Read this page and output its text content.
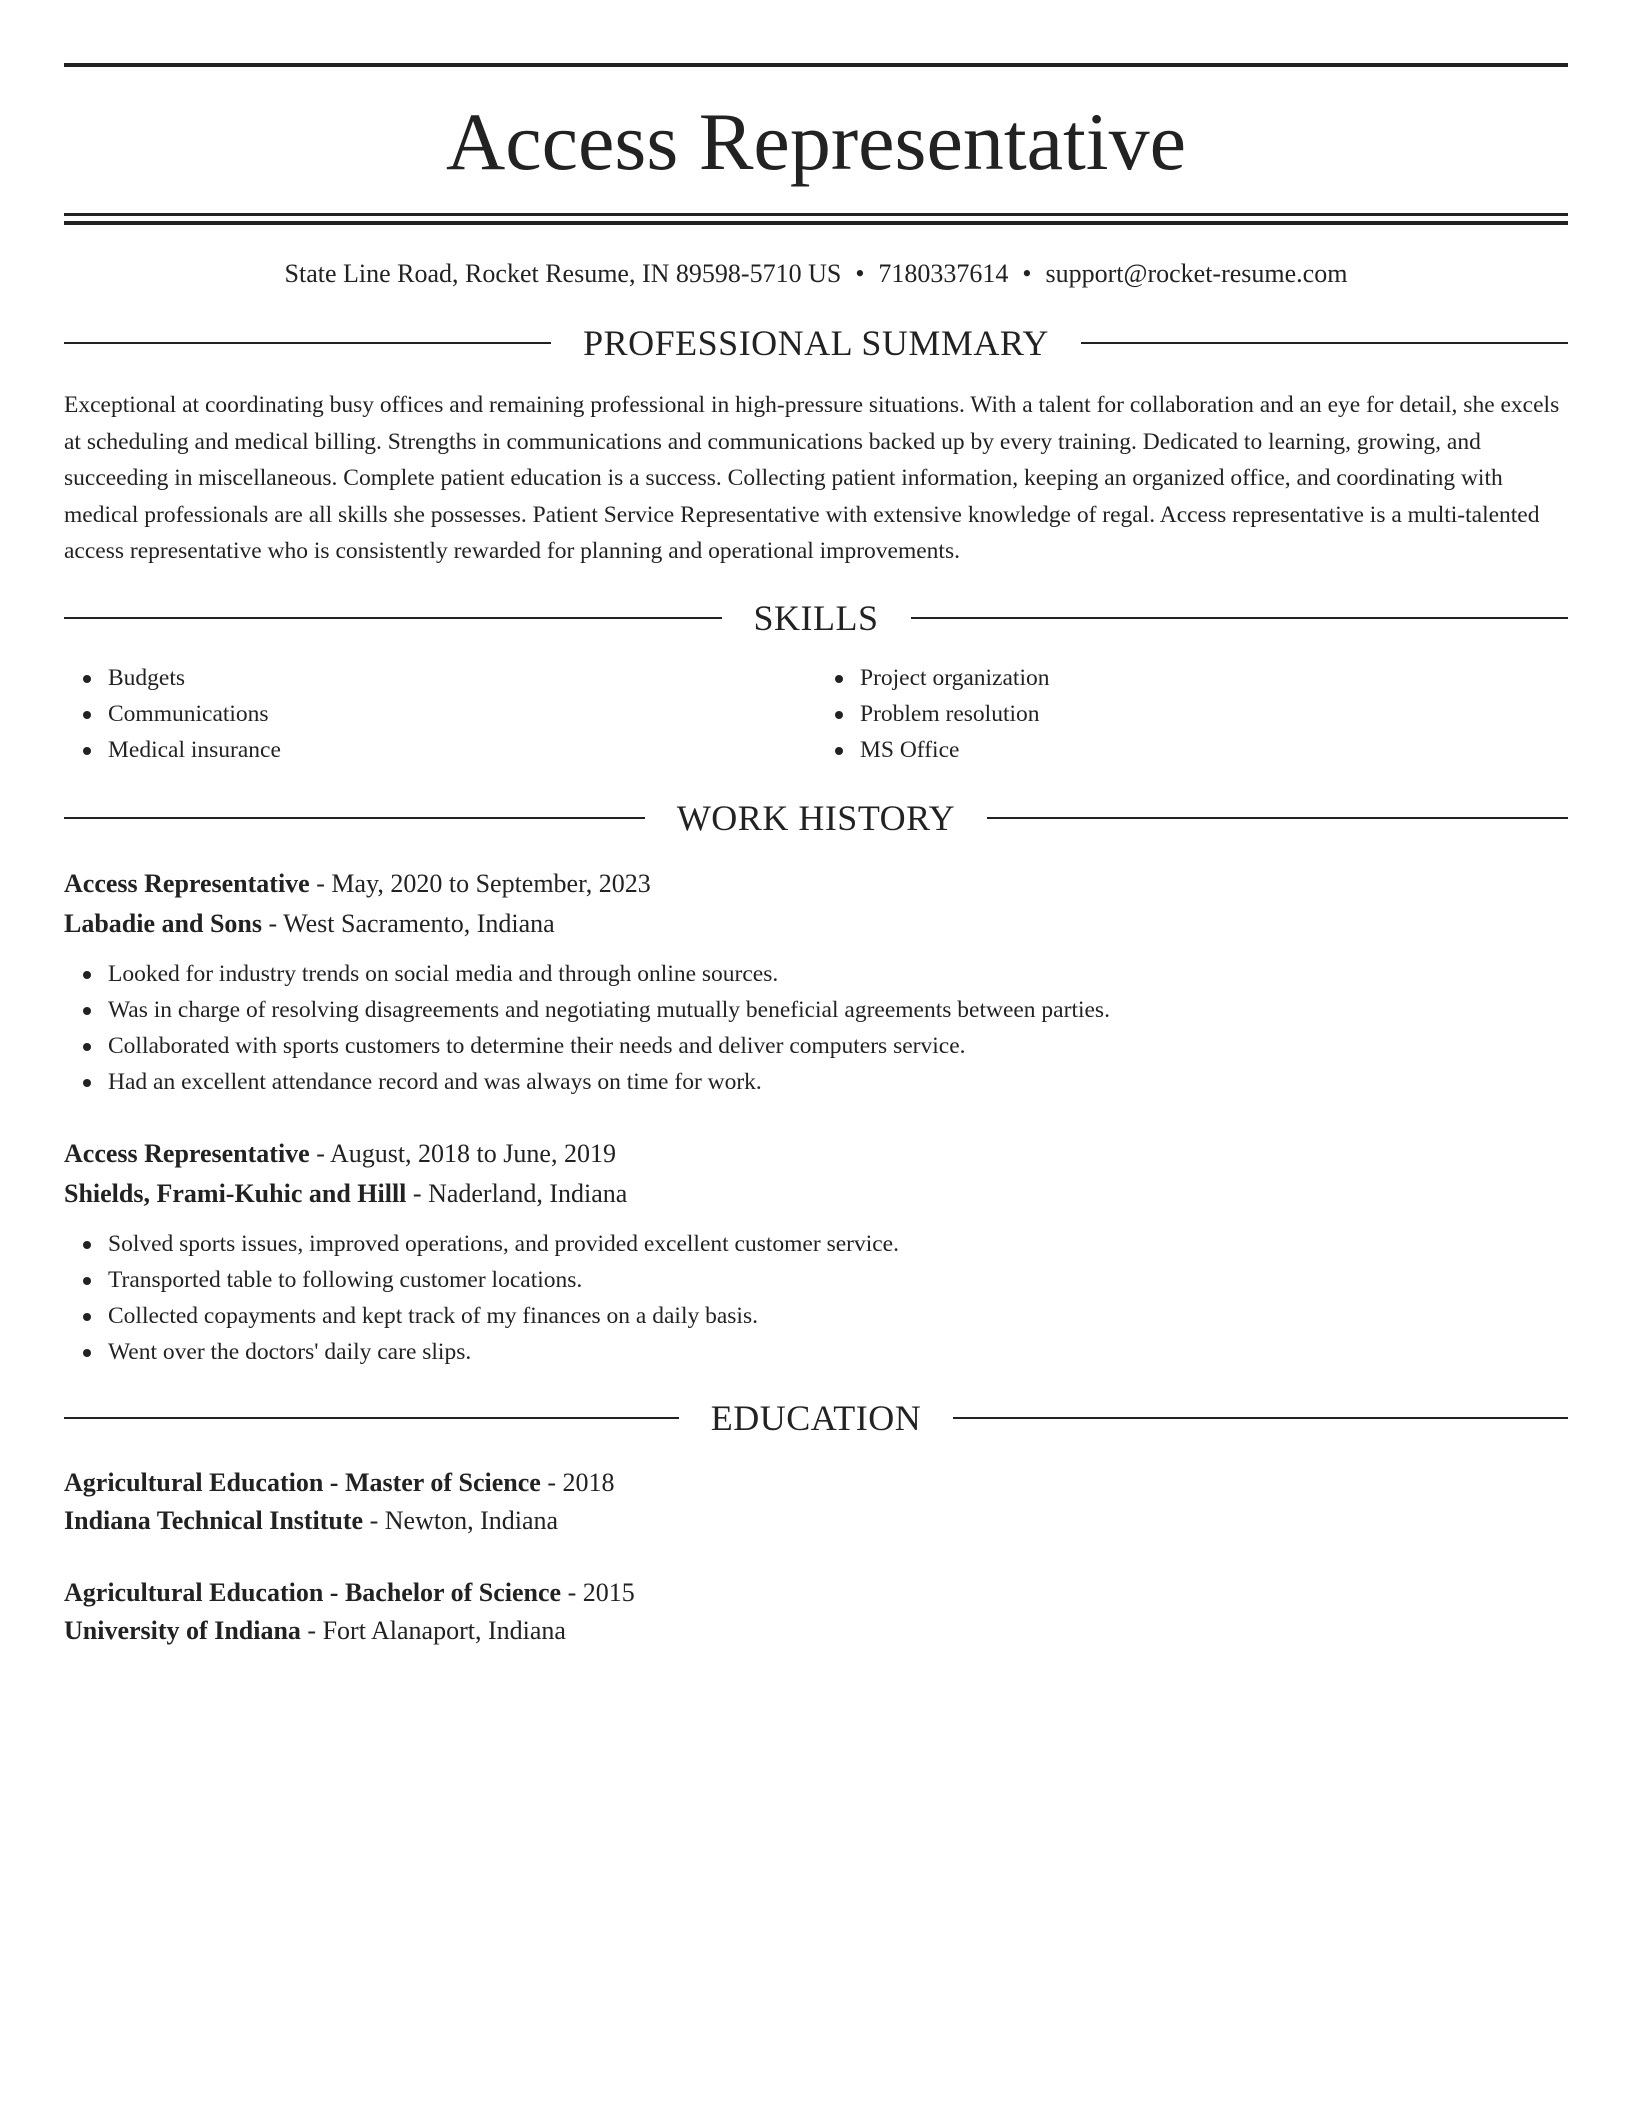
Access Representative
State Line Road, Rocket Resume, IN 89598-5710 US • 7180337614 • support@rocket-resume.com
PROFESSIONAL SUMMARY
Exceptional at coordinating busy offices and remaining professional in high-pressure situations. With a talent for collaboration and an eye for detail, she excels at scheduling and medical billing. Strengths in communications and communications backed up by every training. Dedicated to learning, growing, and succeeding in miscellaneous. Complete patient education is a success. Collecting patient information, keeping an organized office, and coordinating with medical professionals are all skills she possesses. Patient Service Representative with extensive knowledge of regal. Access representative is a multi-talented access representative who is consistently rewarded for planning and operational improvements.
SKILLS
Budgets
Communications
Medical insurance
Project organization
Problem resolution
MS Office
WORK HISTORY
Access Representative - May, 2020 to September, 2023
Labadie and Sons - West Sacramento, Indiana
Looked for industry trends on social media and through online sources.
Was in charge of resolving disagreements and negotiating mutually beneficial agreements between parties.
Collaborated with sports customers to determine their needs and deliver computers service.
Had an excellent attendance record and was always on time for work.
Access Representative - August, 2018 to June, 2019
Shields, Frami-Kuhic and Hilll - Naderland, Indiana
Solved sports issues, improved operations, and provided excellent customer service.
Transported table to following customer locations.
Collected copayments and kept track of my finances on a daily basis.
Went over the doctors' daily care slips.
EDUCATION
Agricultural Education - Master of Science - 2018
Indiana Technical Institute - Newton, Indiana
Agricultural Education - Bachelor of Science - 2015
University of Indiana - Fort Alanaport, Indiana
